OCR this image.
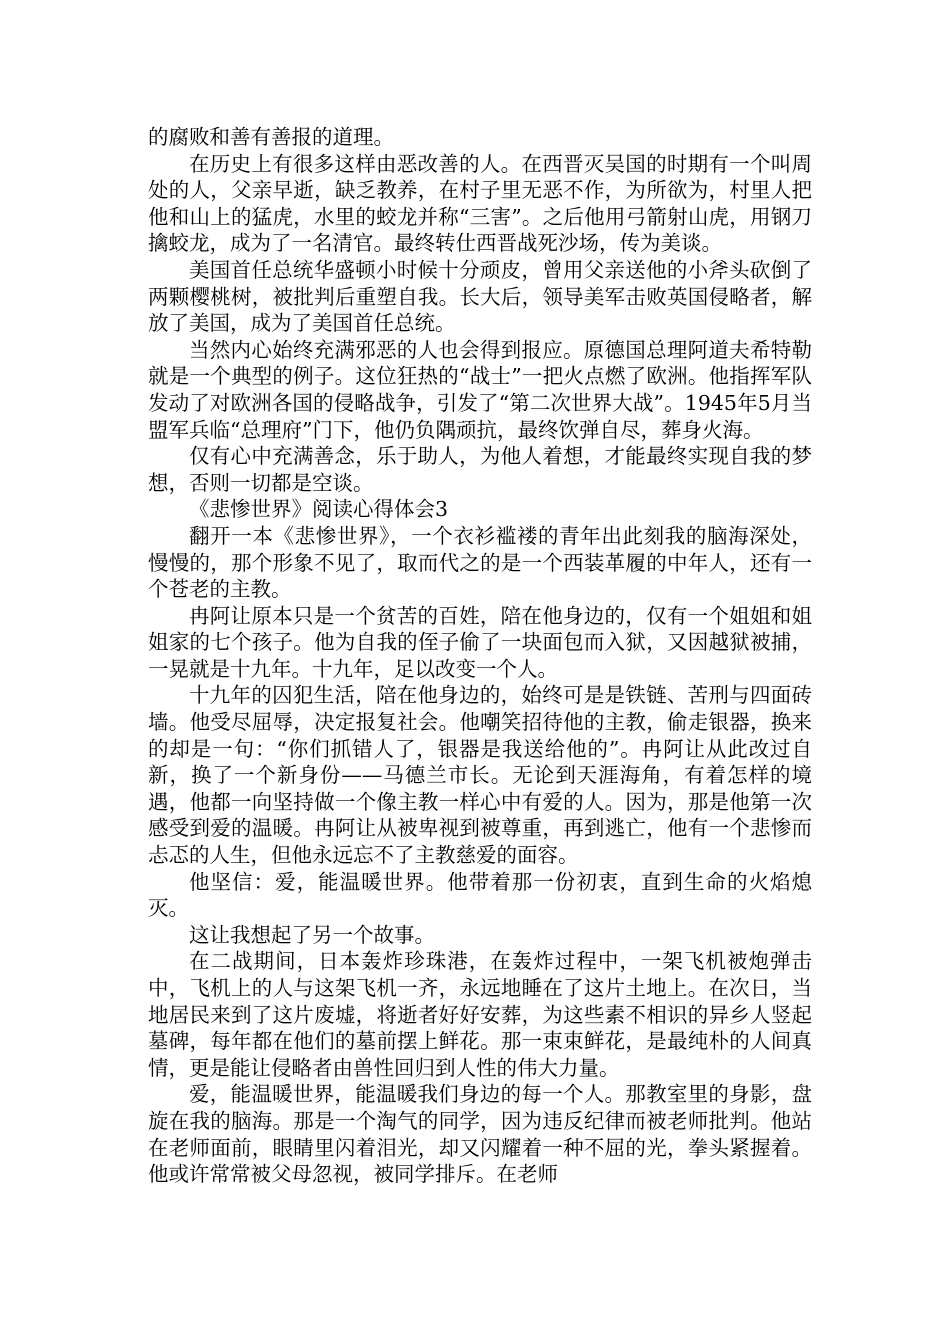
的腐败和善有善报的道理。

在历史上有很多这样由恶改善的人。在西晋灭吴国的时期有一个叫周处的人，父亲早逝，缺乏教养，在村子里无恶不作，为所欲为，村里人把他和山上的猛虎，水里的蛟龙并称“三害”。之后他用弓箭射山虎，用钢刀擒蛟龙，成为了一名清官。最终转仕西晋战死沙场，传为美谈。

美国首任总统华盛顿小时候十分顽皮，曾用父亲送他的小斧头砍倒了两颗樱桃树，被批判后重塑自我。长大后，领导美军击败英国侵略者，解放了美国，成为了美国首任总统。

当然内心始终充满邪恶的人也会得到报应。原德国总理阿道夫希特勒就是一个典型的例子。这位狂热的“战士”一把火点燃了欧洲。他指挥军队发动了对欧洲各国的侵略战争，引发了“第二次世界大战”。1945年5月当盟军兵临“总理府”门下，他仍负隅顽抗，最终饮弹自尽，葬身火海。

仅有心中充满善念，乐于助人，为他人着想，才能最终实现自我的梦想，否则一切都是空谈。

《悲惨世界》阅读心得体会3

翻开一本《悲惨世界》，一个衣衫褴褛的青年出此刻我的脑海深处，慢慢的，那个形象不见了，取而代之的是一个西装革履的中年人，还有一个苍老的主教。

冉阿让原本只是一个贫苦的百姓，陪在他身边的，仅有一个姐姐和姐姐家的七个孩子。他为自我的侄子偷了一块面包而入狱，又因越狱被捕，一晃就是十九年。十九年，足以改变一个人。

十九年的囚犯生活，陪在他身边的，始终可是是铁链、苦刑与四面砖墙。他受尽屈辱，决定报复社会。他嘲笑招待他的主教，偷走银器，换来的却是一句：“你们抓错人了，银器是我送给他的”。冉阿让从此改过自新，换了一个新身份——马德兰市长。无论到天涯海角，有着怎样的境遇，他都一向坚持做一个像主教一样心中有爱的人。因为，那是他第一次感受到爱的温暖。冉阿让从被卑视到被尊重，再到逃亡，他有一个悲惨而忐忑的人生，但他永远忘不了主教慈爱的面容。

他坚信：爱，能温暖世界。他带着那一份初衷，直到生命的火焰熄灭。

这让我想起了另一个故事。

在二战期间，日本轰炸珍珠港，在轰炸过程中，一架飞机被炮弹击中，飞机上的人与这架飞机一齐，永远地睡在了这片土地上。在次日，当地居民来到了这片废墟，将逝者好好安葬，为这些素不相识的异乡人竖起墓碑，每年都在他们的墓前摆上鲜花。那一束束鲜花，是最纯朴的人间真情，更是能让侵略者由兽性回归到人性的伟大力量。

爱，能温暖世界，能温暖我们身边的每一个人。那教室里的身影，盘旋在我的脑海。那是一个淘气的同学，因为违反纪律而被老师批判。他站在老师面前，眼睛里闪着泪光，却又闪耀着一种不屈的光，拳头紧握着。他或许常常被父母忽视，被同学排斥。在老师
